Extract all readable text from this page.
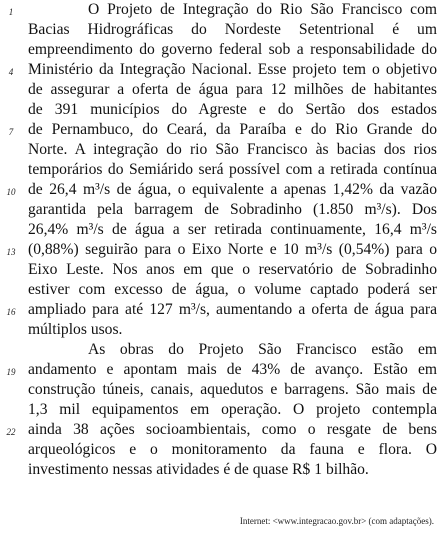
1
4
7
10
13
16
19
22
O Projeto de Integração do Rio São Francisco com
Bacias Hidrográficas do Nordeste Setentrional é um
empreendimento do governo federal sob a responsabilidade do
Ministério da Integração Nacional. Esse projeto tem o objetivo
de assegurar a oferta de água para 12 milhões de habitantes
de 391 municípios do Agreste e do Sertão dos estados
de Pernambuco, do Ceará, da Paraíba e do Rio Grande do
Norte. A integração do rio São Francisco às bacias dos rios
temporários do Semiárido será possível com a retirada contínua
de 26,4 m³/s de água, o equivalente a apenas 1,42% da vazão
garantida pela barragem de Sobradinho (1.850 m³/s). Dos
26,4% m³/s de água a ser retirada continuamente, 16,4 m³/s
(0,88%) seguirão para o Eixo Norte e 10 m³/s (0,54%) para o
Eixo Leste. Nos anos em que o reservatório de Sobradinho
estiver com excesso de água, o volume captado poderá ser
ampliado para até 127 m³/s, aumentando a oferta de água para
múltiplos usos.
As obras do Projeto São Francisco estão em
andamento e apontam mais de 43% de avanço. Estão em
construção túneis, canais, aquedutos e barragens. São mais de
1,3 mil equipamentos em operação. O projeto contempla
ainda 38 ações socioambientais, como o resgate de bens
arqueológicos e o monitoramento da fauna e flora. O
investimento nessas atividades é de quase R$ 1 bilhão.
Internet: <www.integracao.gov.br> (com adaptações).
